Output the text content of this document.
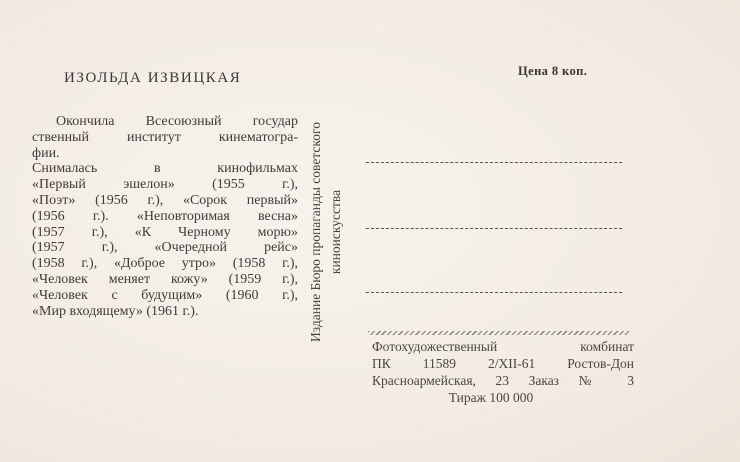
ИЗОЛЬДА ИЗВИЦКАЯ	Цена 8 коп.
Окончила Всесоюзный государ
ственный институт кинематогра-
фии.
Снималась в кинофильмах
«Первый эшелон» (1955 г.),
«Поэт» (1956 г.), «Сорок первый»
(1956 г.). «Неповторимая весна»
(1957 г.), «К Черному морю»
(1957 г.), «Очередной рейс»
(1958 г.), «Доброе утро» (1958 г.),
«Человек меняет кожу» (1959 г.),
«Человек с будущим» (1960 г.),
«Мир входящему» (1961 г.).	Издание Бюро пропаганды советского киноискусства
Фотохудожественный комбинат
ПК 11589 2/XII-61 Ростов-Дон
Красноармейская, 23 Заказ № 3
Тираж 100 000
